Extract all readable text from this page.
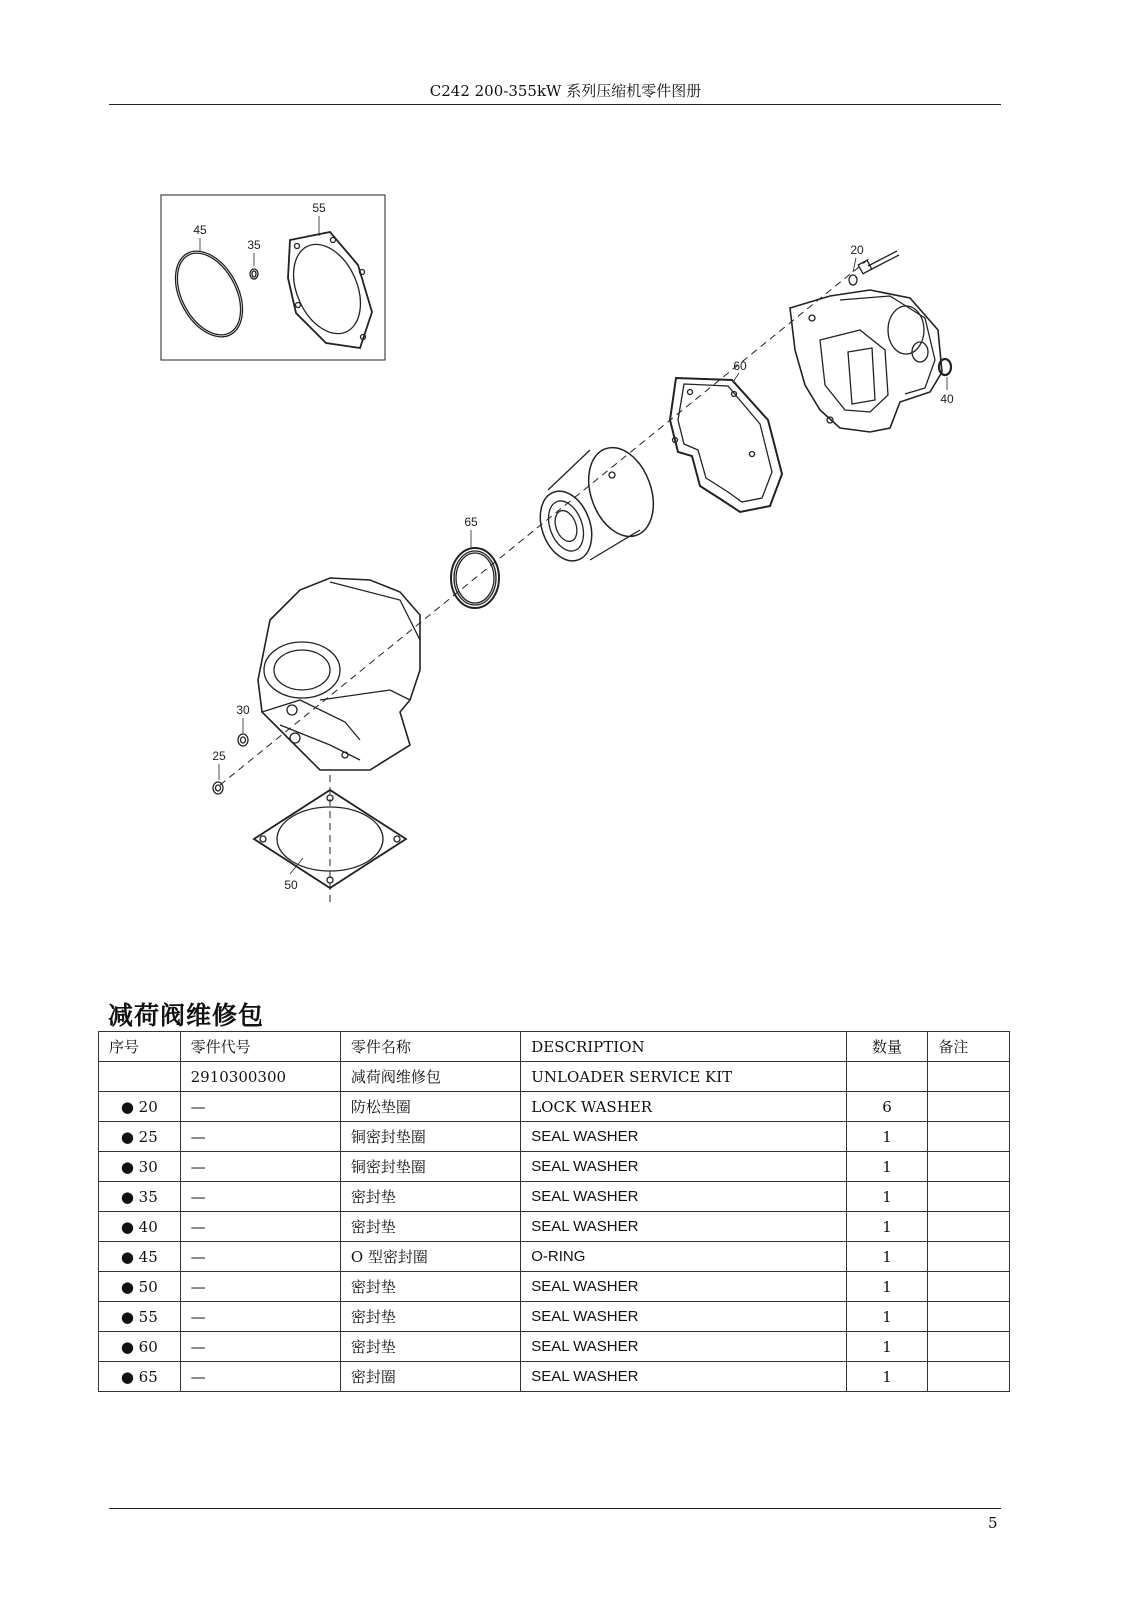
C242 200-355kW 系列压缩机零件图册
45
35
55
20
60
40
65
30
25
50
减荷阀维修包
序号	零件代号	零件名称	DESCRIPTION	数量	备注
	2910300300	减荷阀维修包	UNLOADER SERVICE KIT		
● 20	—	防松垫圈	LOCK WASHER	6	
● 25	—	铜密封垫圈	SEAL WASHER	1	
● 30	—	铜密封垫圈	SEAL WASHER	1	
● 35	—	密封垫	SEAL WASHER	1	
● 40	—	密封垫	SEAL WASHER	1	
● 45	—	O 型密封圈	O-RING	1	
● 50	—	密封垫	SEAL WASHER	1	
● 55	—	密封垫	SEAL WASHER	1	
● 60	—	密封垫	SEAL WASHER	1	
● 65	—	密封圈	SEAL WASHER	1	
5
